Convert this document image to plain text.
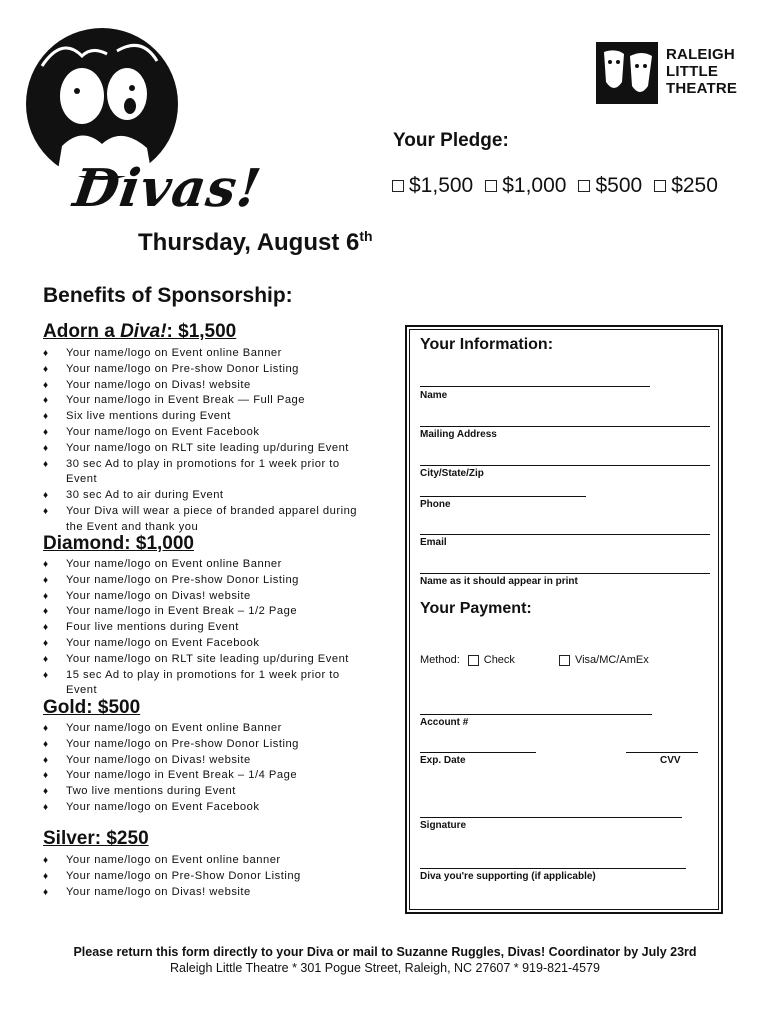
Divas!
RALEIGH
LITTLE
THEATRE
Your Pledge:
$1,500 $1,000 $500 $250
Thursday, August 6th
Benefits of Sponsorship:
Adorn a Diva!: $1,500
♦ Your name/logo on Event online Banner
♦ Your name/logo on Pre-show Donor Listing
♦ Your name/logo on Divas! website
♦ Your name/logo in Event Break — Full Page
♦ Six live mentions during Event
♦ Your name/logo on Event Facebook
♦ Your name/logo on RLT site leading up/during Event
♦ 30 sec Ad to play in promotions for 1 week prior to Event
♦ 30 sec Ad to air during Event
♦ Your Diva will wear a piece of branded apparel during the Event and thank you
Diamond: $1,000
♦ Your name/logo on Event online Banner
♦ Your name/logo on Pre-show Donor Listing
♦ Your name/logo on Divas! website
♦ Your name/logo in Event Break – 1/2 Page
♦ Four live mentions during Event
♦ Your name/logo on Event Facebook
♦ Your name/logo on RLT site leading up/during Event
♦ 15 sec Ad to play in promotions for 1 week prior to Event
Gold: $500
♦ Your name/logo on Event online Banner
♦ Your name/logo on Pre-show Donor Listing
♦ Your name/logo on Divas! website
♦ Your name/logo in Event Break – 1/4 Page
♦ Two live mentions during Event
♦ Your name/logo on Event Facebook
Silver: $250
♦ Your name/logo on Event online banner
♦ Your name/logo on Pre-Show Donor Listing
♦ Your name/logo on Divas! website
Your Information:
Name
Mailing Address
City/State/Zip
Phone
Email
Name as it should appear in print
Your Payment:
Method: Check	Visa/MC/AmEx
Account #
Exp. Date	CVV
Signature
Diva you're supporting (if applicable)
Please return this form directly to your Diva or mail to Suzanne Ruggles, Divas! Coordinator by July 23rd
Raleigh Little Theatre * 301 Pogue Street, Raleigh, NC 27607 * 919-821-4579
